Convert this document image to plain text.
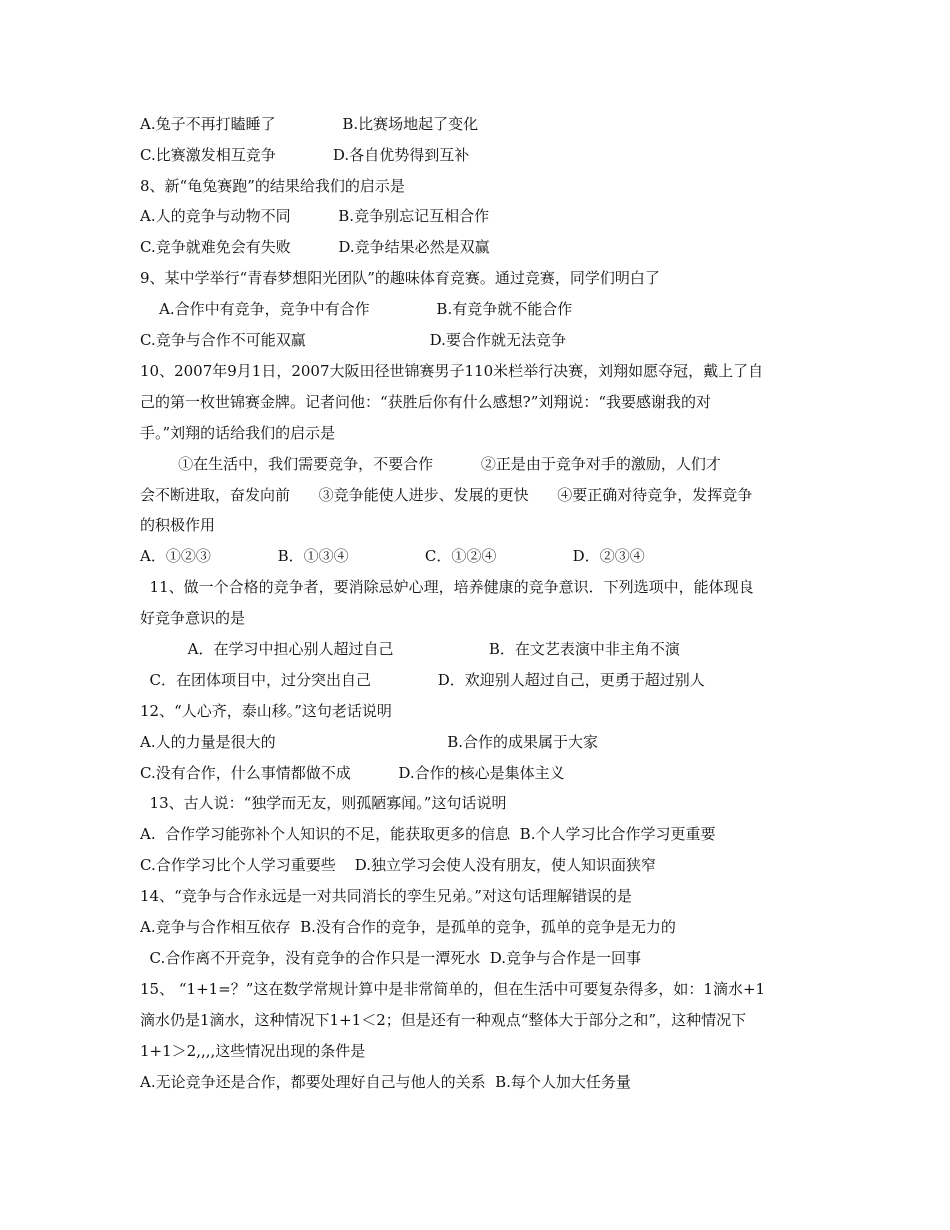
A.兔子不再打瞌睡了              B.比赛场地起了变化
C.比赛激发相互竞争            D.各自优势得到互补
8、新“龟兔赛跑”的结果给我们的启示是
A.人的竞争与动物不同          B.竞争别忘记互相合作
C.竞争就难免会有失败          D.竞争结果必然是双赢
9、某中学举行“青春梦想阳光团队”的趣味体育竞赛。通过竞赛，同学们明白了
A.合作中有竞争，竞争中有合作              B.有竞争就不能合作
C.竞争与合作不可能双赢                          D.要合作就无法竞争
10、2007年9月1日，2007大阪田径世锦赛男子110米栏举行决赛，刘翔如愿夺冠，戴上了自
己的第一枚世锦赛金牌。记者问他：“获胜后你有什么感想?”刘翔说：“我要感谢我的对
手。”刘翔的话给我们的启示是
①在生活中，我们需要竞争，不要合作          ②正是由于竞争对手的激励，人们才
会不断进取，奋发向前      ③竞争能使人进步、发展的更快      ④要正确对待竞争，发挥竞争
的积极作用
A．①②③              B．①③④                C．①②④                D．②③④
11、做一个合格的竞争者，要消除忌妒心理，培养健康的竞争意识．下列选项中，能体现良
好竞争意识的是
A．在学习中担心别人超过自己                    B．在文艺表演中非主角不演
C．在团体项目中，过分突出自己              D．欢迎别人超过自己，更勇于超过别人
12、“人心齐，泰山移。”这句老话说明
A.人的力量是很大的                                    B.合作的成果属于大家
C.没有合作，什么事情都做不成          D.合作的核心是集体主义
13、古人说：“独学而无友，则孤陋寡闻。”这句话说明
A.  合作学习能弥补个人知识的不足，能获取更多的信息  B.个人学习比合作学习更重要
C.合作学习比个人学习重要些    D.独立学习会使人没有朋友，使人知识面狭窄
14、“竞争与合作永远是一对共同消长的孪生兄弟。”对这句话理解错误的是
A.竞争与合作相互依存  B.没有合作的竞争，是孤单的竞争，孤单的竞争是无力的
C.合作离不开竞争，没有竞争的合作只是一潭死水  D.竞争与合作是一回事
15、 “1+1=？”这在数学常规计算中是非常简单的，但在生活中可要复杂得多，如：1滴水+1
滴水仍是1滴水，这种情况下1+1＜2；但是还有一种观点“整体大于部分之和”，这种情况下
1+1＞2,,,,这些情况出现的条件是
A.无论竞争还是合作，都要处理好自己与他人的关系  B.每个人加大任务量
